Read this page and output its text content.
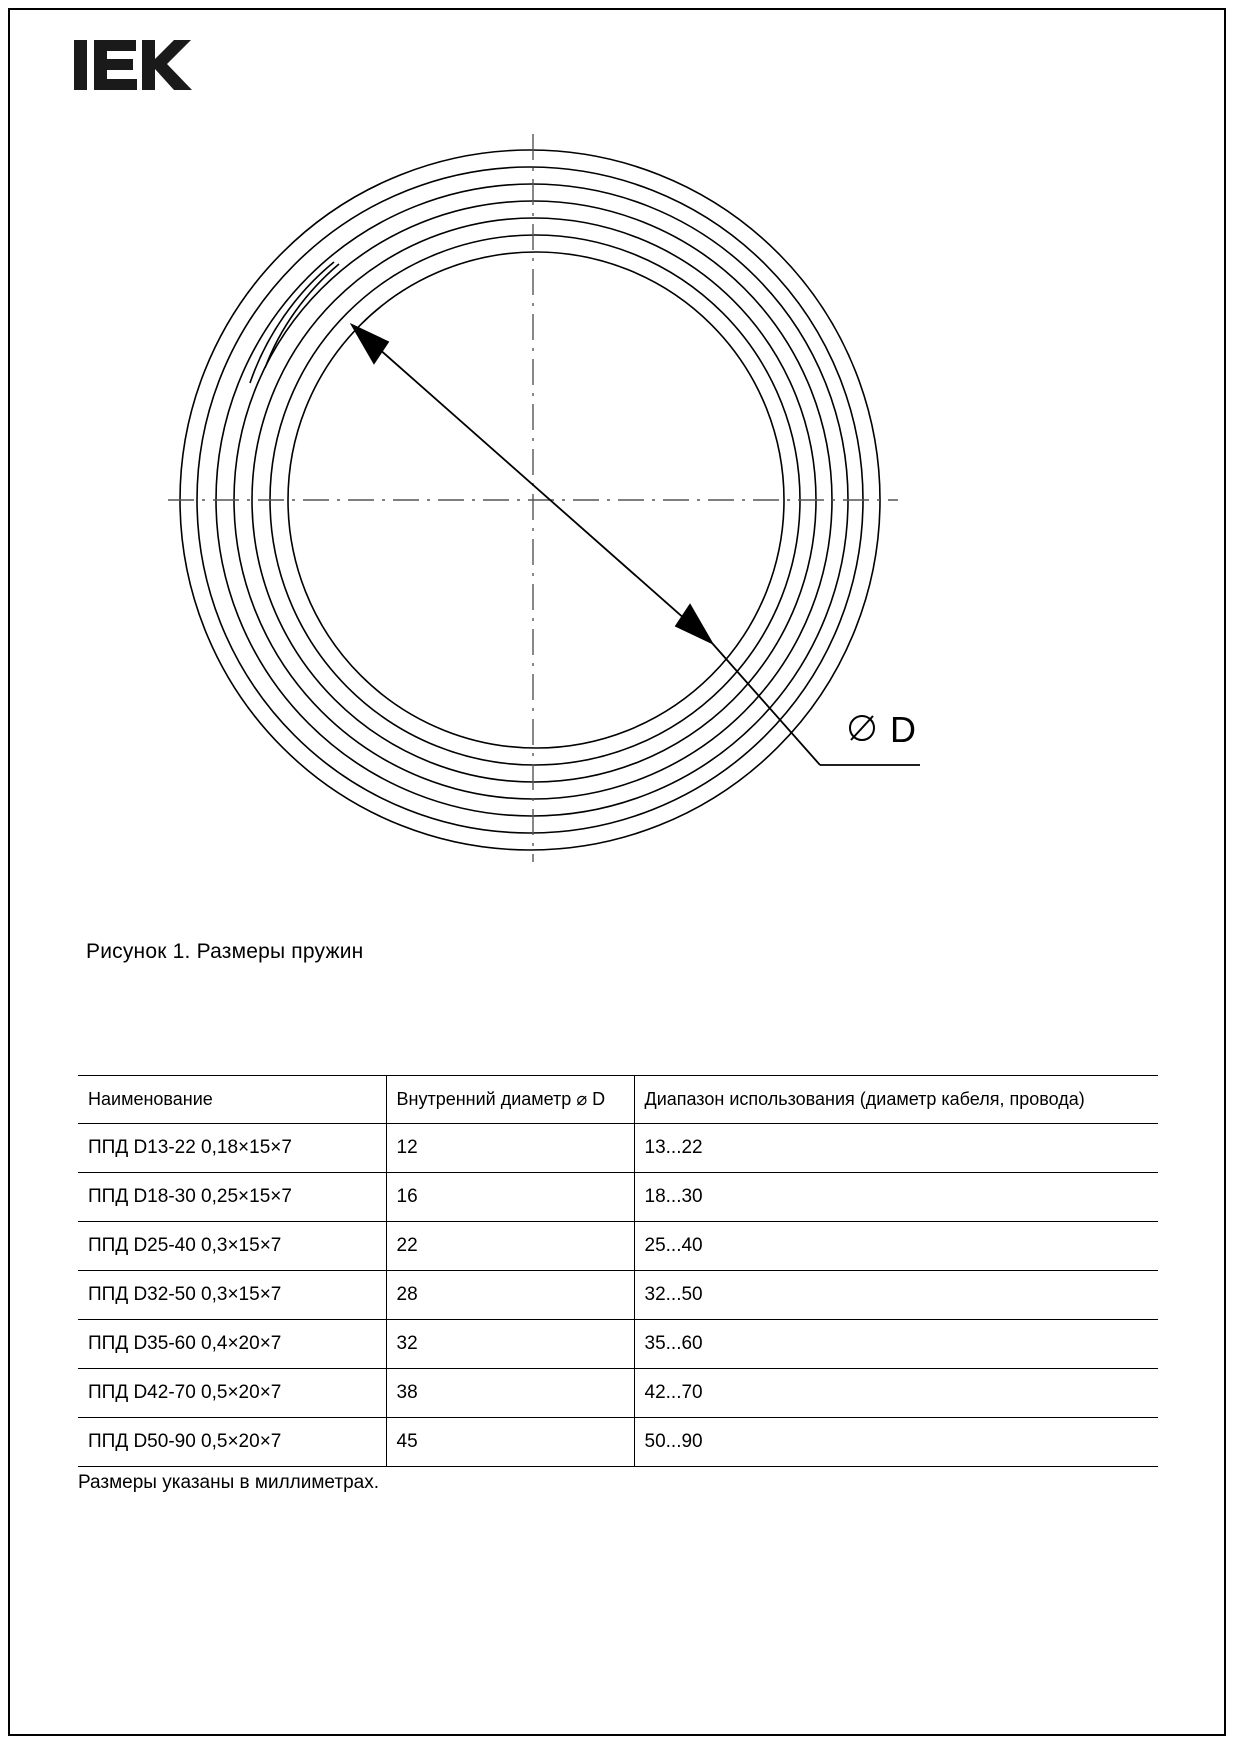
D
Рисунок 1. Размеры пружин
Наименование	Внутренний диаметр ⌀ D	Диапазон использования (диаметр кабеля, провода)
ППД D13-22 0,18×15×7	12	13...22
ППД D18-30 0,25×15×7	16	18...30
ППД D25-40 0,3×15×7	22	25...40
ППД D32-50 0,3×15×7	28	32...50
ППД D35-60 0,4×20×7	32	35...60
ППД D42-70 0,5×20×7	38	42...70
ППД D50-90 0,5×20×7	45	50...90
Размеры указаны в миллиметрах.
